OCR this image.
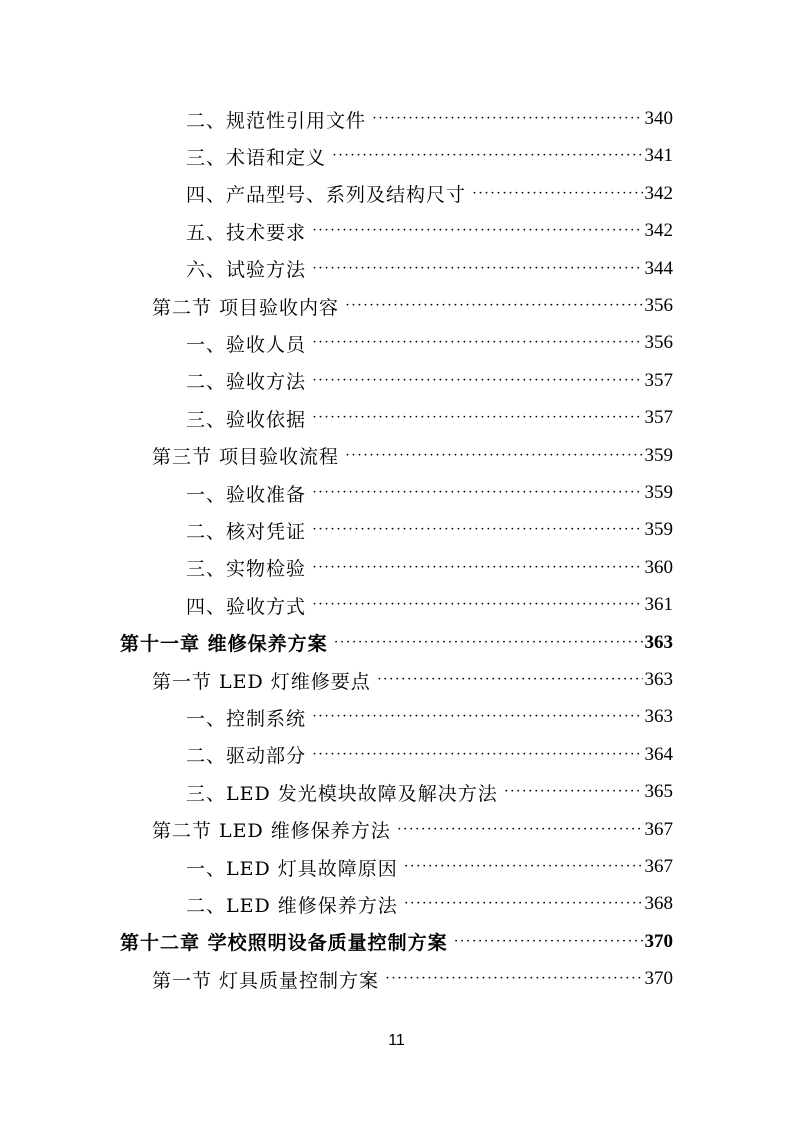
二、规范性引用文件 ·····	340
三、术语和定义 ·····	341
四、产品型号、系列及结构尺寸 ·····	342
五、技术要求 ·····	342
六、试验方法 ·····	344
第二节 项目验收内容 ·····	356
一、验收人员 ·····	356
二、验收方法 ·····	357
三、验收依据 ·····	357
第三节 项目验收流程 ·····	359
一、验收准备 ·····	359
二、核对凭证 ·····	359
三、实物检验 ·····	360
四、验收方式 ·····	361
第十一章 维修保养方案 ·····	363
第一节 LED 灯维修要点 ·····	363
一、控制系统 ·····	363
二、驱动部分 ·····	364
三、LED 发光模块故障及解决方法 ·····	365
第二节 LED 维修保养方法 ·····	367
一、LED 灯具故障原因 ·····	367
二、LED 维修保养方法 ·····	368
第十二章 学校照明设备质量控制方案 ·····	370
第一节 灯具质量控制方案 ·····	370
11
